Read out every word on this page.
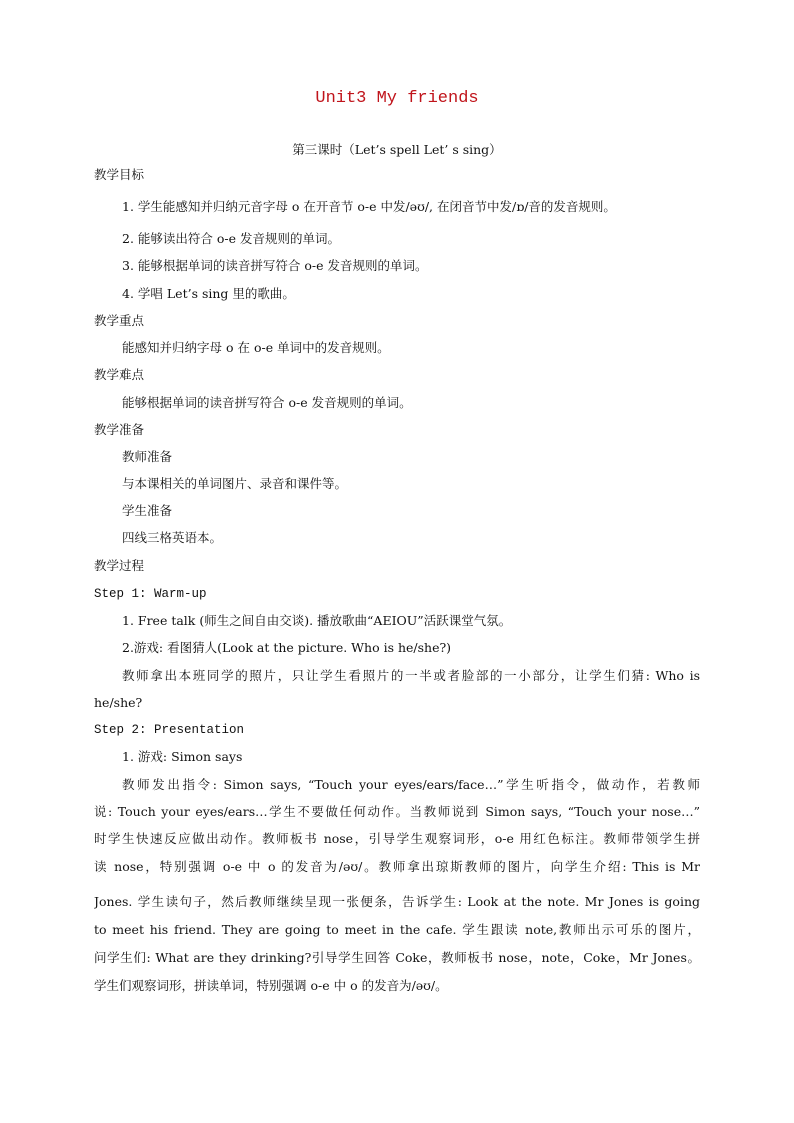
Unit3 My friends
第三课时（Let’s spell Let’ s sing）
教学目标
1. 学生能感知并归纳元音字母 o 在开音节 o-e 中发/əʊ/, 在闭音节中发/ɒ/音的发音规则。
2. 能够读出符合 o-e 发音规则的单词。
3. 能够根据单词的读音拼写符合 o-e 发音规则的单词。
4. 学唱 Let’s sing 里的歌曲。
教学重点
能感知并归纳字母 o 在 o-e 单词中的发音规则。
教学难点
能够根据单词的读音拼写符合 o-e 发音规则的单词。
教学准备
教师准备
与本课相关的单词图片、录音和课件等。
学生准备
四线三格英语本。
教学过程
Step 1: Warm-up
1. Free talk (师生之间自由交谈). 播放歌曲“AEIOU”活跃课堂气氛。
2.游戏: 看图猜人(Look at the picture. Who is he/she?)
教师拿出本班同学的照片，只让学生看照片的一半或者脸部的一小部分，让学生们猜: Who is
he/she?
Step 2: Presentation
1. 游戏: Simon says
教师发出指令: Simon says, “Touch your eyes/ears/face…”学生听指令，做动作，若教师
说: Touch your eyes/ears…学生不要做任何动作。当教师说到 Simon says, “Touch your nose…”
时学生快速反应做出动作。教师板书 nose，引导学生观察词形，o-e 用红色标注。教师带领学生拼
读 nose，特别强调 o-e 中 o 的发音为/əʊ/。教师拿出琼斯教师的图片，向学生介绍: This is Mr
Jones. 学生读句子，然后教师继续呈现一张便条，告诉学生: Look at the note. Mr Jones is going
to meet his friend. They are going to meet in the cafe. 学生跟读 note,教师出示可乐的图片，
问学生们: What are they drinking?引导学生回答 Coke，教师板书 nose，note，Coke，Mr Jones。
学生们观察词形，拼读单词，特别强调 o-e 中 o 的发音为/əʊ/。
